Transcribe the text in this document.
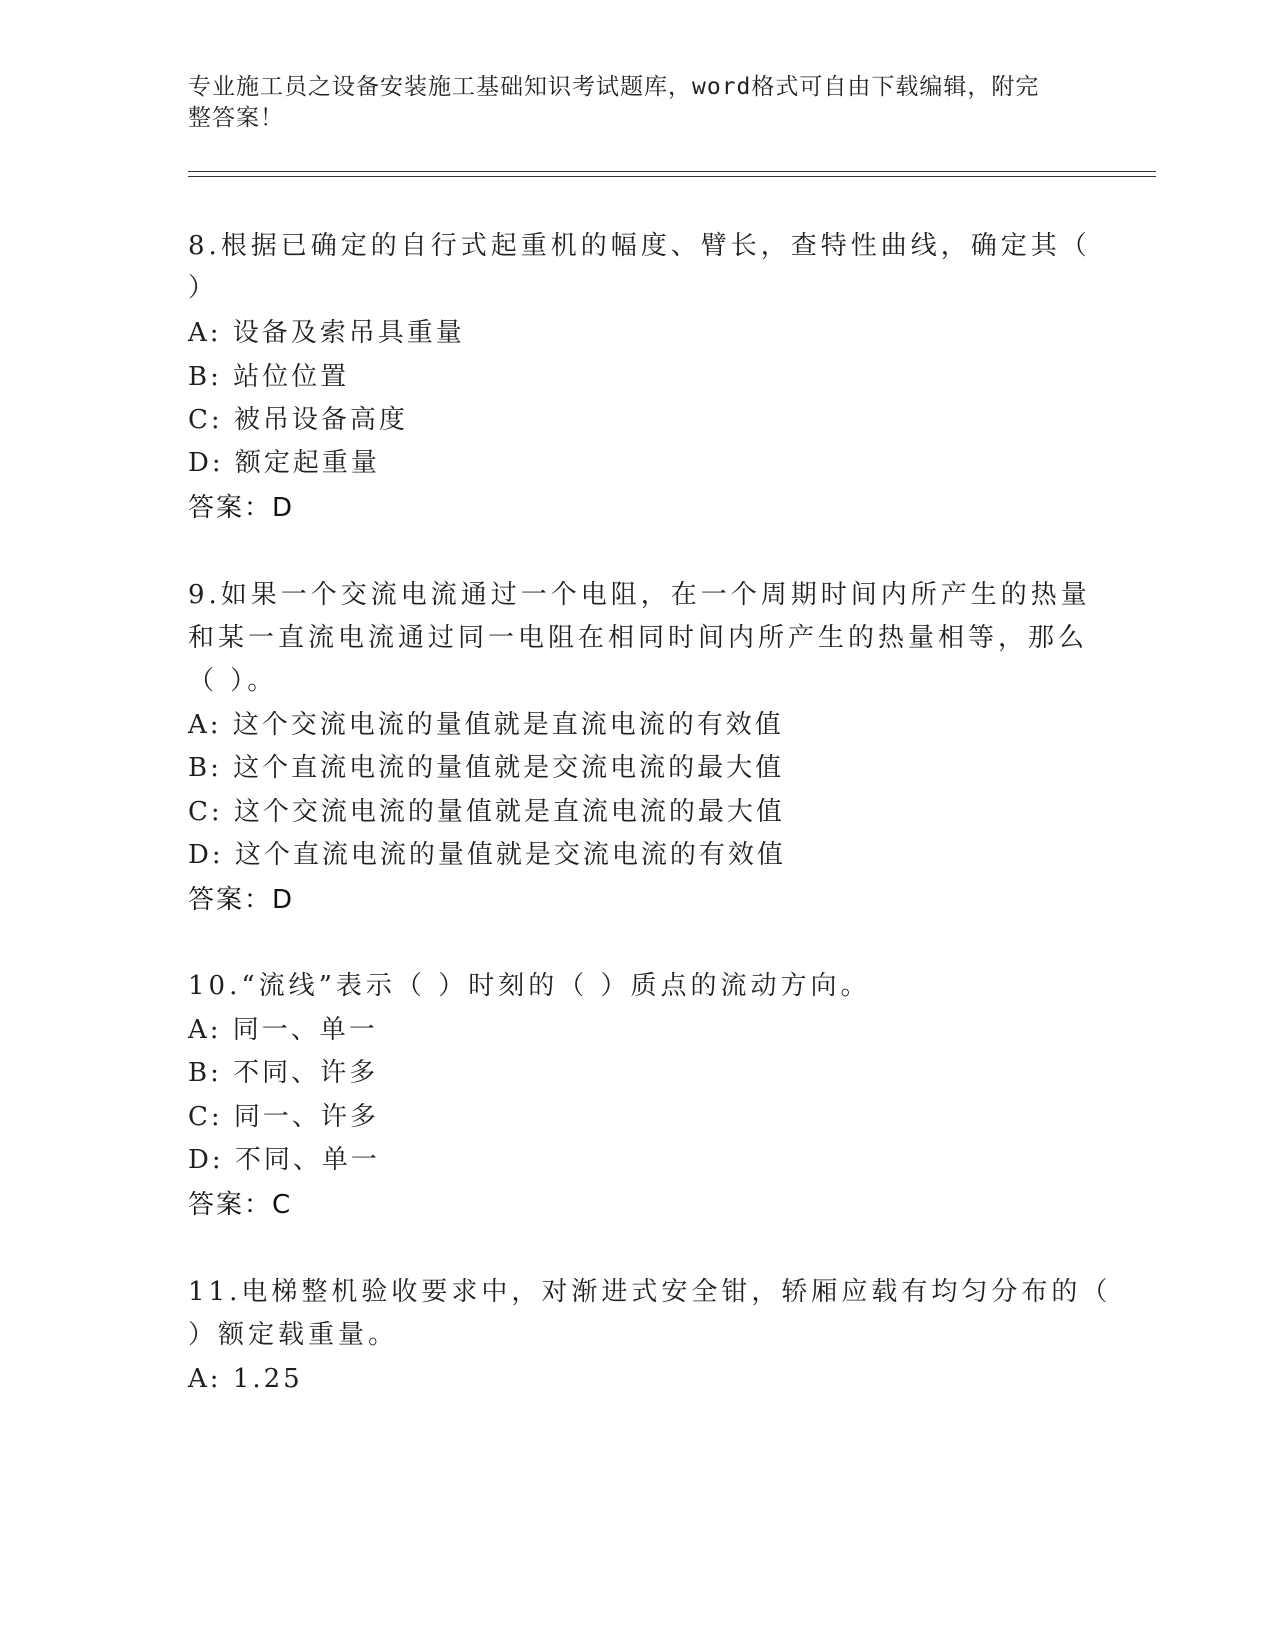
专业施工员之设备安装施工基础知识考试题库，word格式可自由下载编辑，附完
整答案！
8.根据已确定的自行式起重机的幅度、臂长，查特性曲线，确定其（
）
A: 设备及索吊具重量
B: 站位位置
C: 被吊设备高度
D: 额定起重量
答案：D
9.如果一个交流电流通过一个电阻，在一个周期时间内所产生的热量
和某一直流电流通过同一电阻在相同时间内所产生的热量相等，那么
（ ）。
A: 这个交流电流的量值就是直流电流的有效值
B: 这个直流电流的量值就是交流电流的最大值
C: 这个交流电流的量值就是直流电流的最大值
D: 这个直流电流的量值就是交流电流的有效值
答案：D
10.“流线”表示（ ）时刻的（ ）质点的流动方向。
A: 同一、单一
B: 不同、许多
C: 同一、许多
D: 不同、单一
答案：C
11.电梯整机验收要求中，对渐进式安全钳，轿厢应载有均匀分布的（
）额定载重量。
A: 1.25
